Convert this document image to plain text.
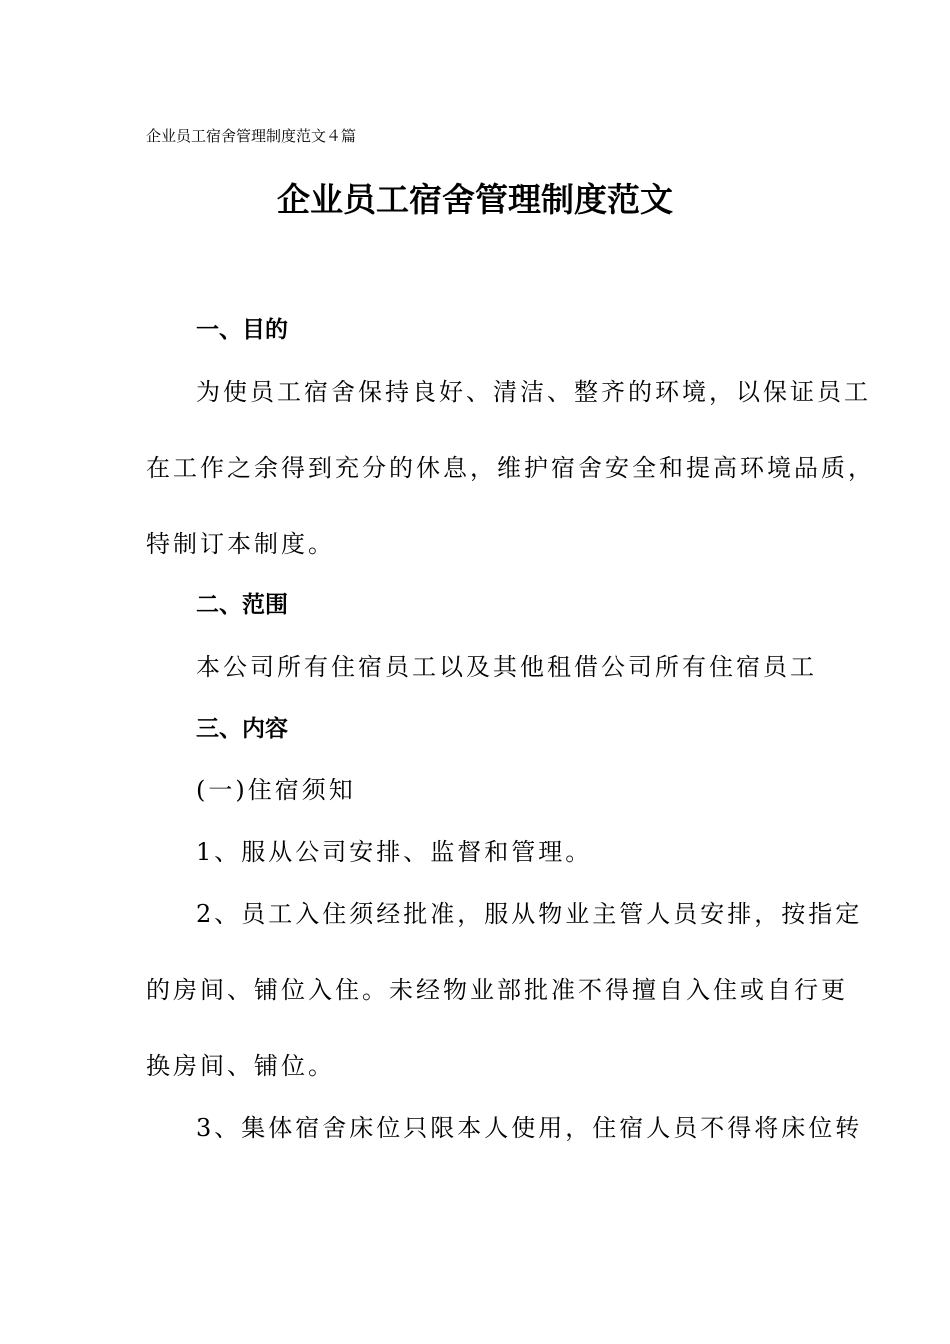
企业员工宿舍管理制度范文４篇
企业员工宿舍管理制度范文
一、目的
为使员工宿舍保持良好、清洁、整齐的环境，以保证员工
在工作之余得到充分的休息，维护宿舍安全和提高环境品质，
特制订本制度。
二、范围
本公司所有住宿员工以及其他租借公司所有住宿员工
三、内容
(一)住宿须知
1、服从公司安排、监督和管理。
2、员工入住须经批准，服从物业主管人员安排，按指定
的房间、铺位入住。未经物业部批准不得擅自入住或自行更
换房间、铺位。
3、集体宿舍床位只限本人使用，住宿人员不得将床位转
